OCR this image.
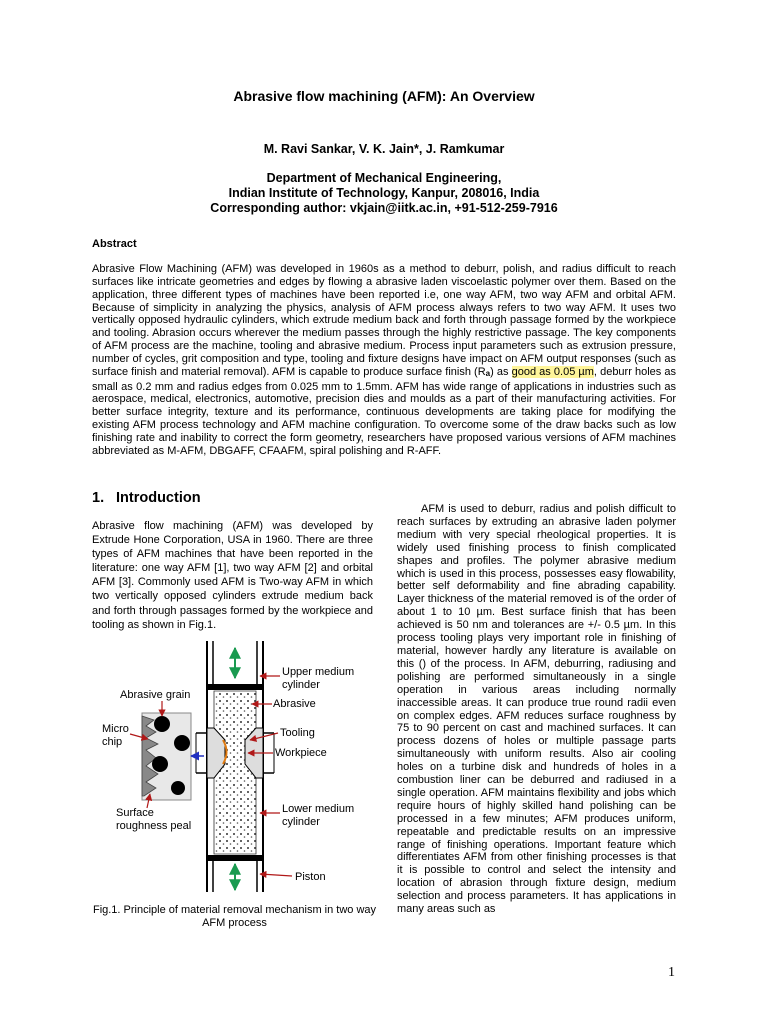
Abrasive flow machining (AFM): An Overview
M. Ravi Sankar, V. K. Jain*, J. Ramkumar
Department of Mechanical Engineering,
Indian Institute of Technology, Kanpur, 208016, India
Corresponding author: vkjain@iitk.ac.in, +91-512-259-7916
Abstract
Abrasive Flow Machining (AFM) was developed in 1960s as a method to deburr, polish, and radius difficult to reach surfaces like intricate geometries and edges by flowing a abrasive laden viscoelastic polymer over them. Based on the application, three different types of machines have been reported i.e, one way AFM, two way AFM and orbital AFM. Because of simplicity in analyzing the physics, analysis of AFM process always refers to two way AFM. It uses two vertically opposed hydraulic cylinders, which extrude medium back and forth through passage formed by the workpiece and tooling. Abrasion occurs wherever the medium passes through the highly restrictive passage. The key components of AFM process are the machine, tooling and abrasive medium. Process input parameters such as extrusion pressure, number of cycles, grit composition and type, tooling and fixture designs have impact on AFM output responses (such as surface finish and material removal). AFM is capable to produce surface finish (Ra) as good as 0.05 µm, deburr holes as small as 0.2 mm and radius edges from 0.025 mm to 1.5mm. AFM has wide range of applications in industries such as aerospace, medical, electronics, automotive, precision dies and moulds as a part of their manufacturing activities. For better surface integrity, texture and its performance, continuous developments are taking place for modifying the existing AFM process technology and AFM machine configuration. To overcome some of the draw backs such as low finishing rate and inability to correct the form geometry, researchers have proposed various versions of AFM machines abbreviated as M-AFM, DBGAFF, CFAAFM, spiral polishing and R-AFF.
1. Introduction
Abrasive flow machining (AFM) was developed by Extrude Hone Corporation, USA in 1960. There are three types of AFM machines that have been reported in the literature: one way AFM [1], two way AFM [2] and orbital AFM [3]. Commonly used AFM is Two-way AFM in which two vertically opposed cylinders extrude medium back and forth through passages formed by the workpiece and tooling as shown in Fig.1.
AFM is used to deburr, radius and polish difficult to reach surfaces by extruding an abrasive laden polymer medium with very special rheological properties. It is widely used finishing process to finish complicated shapes and profiles. The polymer abrasive medium which is used in this process, possesses easy flowability, better self deformability and fine abrading capability. Layer thickness of the material removed is of the order of about 1 to 10 µm. Best surface finish that has been achieved is 50 nm and tolerances are +/- 0.5 µm. In this process tooling plays very important role in finishing of material, however hardly any literature is available on this () of the process. In AFM, deburring, radiusing and polishing are performed simultaneously in a single operation in various areas including normally inaccessible areas. It can produce true round radii even on complex edges. AFM reduces surface roughness by 75 to 90 percent on cast and machined surfaces. It can process dozens of holes or multiple passage parts simultaneously with uniform results. Also air cooling holes on a turbine disk and hundreds of holes in a combustion liner can be deburred and radiused in a single operation. AFM maintains flexibility and jobs which require hours of highly skilled hand polishing can be processed in a few minutes; AFM produces uniform, repeatable and predictable results on an impressive range of finishing operations. Important feature which differentiates AFM from other finishing processes is that it is possible to control and select the intensity and location of abrasion through fixture design, medium selection and process parameters. It has applications in many areas such as
Abrasive grain
Micro
chip
Surface
roughness peal
Upper medium
cylinder
Abrasive
Tooling
Workpiece
Lower medium
cylinder
Piston
Fig.1. Principle of material removal mechanism in two way AFM process
1
